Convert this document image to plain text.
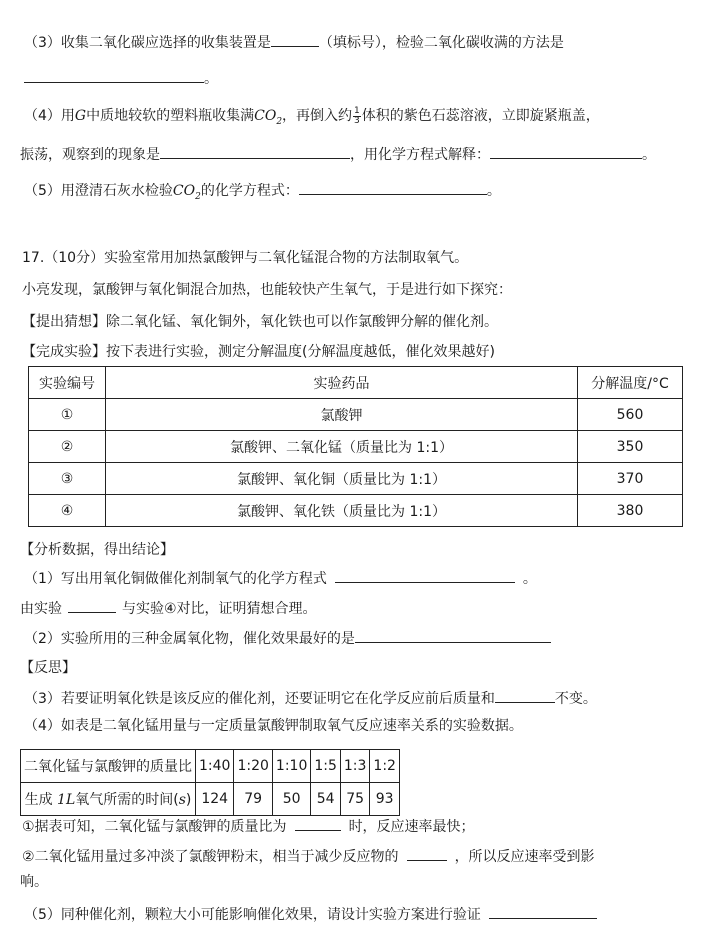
（3）收集二氧化碳应选择的收集装置是	（填标号），检验二氧化碳收满的方法是
。
（4）用G中质地较软的塑料瓶收集满$CO_2$，再倒入约 $\frac{1}{3}$ 体积的紫色石蕊溶液，立即旋紧瓶盖，
振荡，观察到的现象是	，用化学方程式解释：	。
（5）用澄清石灰水检验$CO_2$的化学方程式：	。
17.（10分）实验室常用加热氯酸钾与二氧化锰混合物的方法制取氧气。
小亮发现，氯酸钾与氧化铜混合加热，也能较快产生氧气，于是进行如下探究：
【提出猜想】除二氧化锰、氧化铜外，氧化铁也可以作氯酸钾分解的催化剂。
【完成实验】按下表进行实验，测定分解温度(分解温度越低，催化效果越好)
实验编号	实验药品	分解温度/°C
①	氯酸钾	560
②	氯酸钾、二氧化锰（质量比为 1:1）	350
③	氯酸钾、氧化铜（质量比为 1:1）	370
④	氯酸钾、氧化铁（质量比为 1:1）	380
【分析数据，得出结论】
（1）写出用氧化铜做催化剂制氧气的化学方程式	。
由实验	与实验④对比，证明猜想合理。
（2）实验所用的三种金属氧化物，催化效果最好的是
【反思】
（3）若要证明氧化铁是该反应的催化剂，还要证明它在化学反应前后质量和	不变。
（4）如表是二氧化锰用量与一定质量氯酸钾制取氧气反应速率关系的实验数据。
二氧化锰与氯酸钾的质量比	1:40	1:20	1:10	1:5	1:3	1:2
生成 1L氧气所需的时间(s)	124	79	50	54	75	93
①据表可知，二氧化锰与氯酸钾的质量比为	时，反应速率最快；
②二氧化锰用量过多冲淡了氯酸钾粉末，相当于减少反应物的	，所以反应速率受到影
响。
（5）同种催化剂，颗粒大小可能影响催化效果，请设计实验方案进行验证
